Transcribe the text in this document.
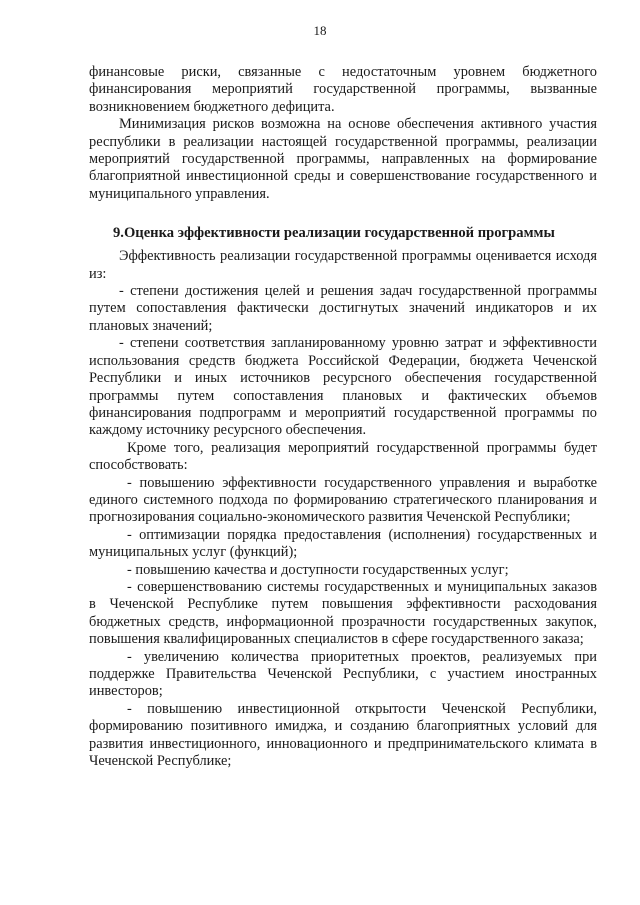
18

финансовые риски, связанные с недостаточным уровнем бюджетного финансирования мероприятий государственной программы, вызванные возникновением бюджетного дефицита.

Минимизация рисков возможна на основе обеспечения активного участия республики в реализации настоящей государственной программы, реализации мероприятий государственной программы, направленных на формирование благоприятной инвестиционной среды и совершенствование государственного и муниципального управления.

9.Оценка эффективности реализации государственной программы

Эффективность реализации государственной программы оценивается исходя из:

- степени достижения целей и решения задач государственной программы путем сопоставления фактически достигнутых значений индикаторов и их плановых значений;

- степени соответствия запланированному уровню затрат и эффективности использования средств бюджета Российской Федерации, бюджета Чеченской Республики и иных источников ресурсного обеспечения государственной программы путем сопоставления плановых и фактических объемов финансирования подпрограмм и мероприятий государственной программы по каждому источнику ресурсного обеспечения.

Кроме того, реализация мероприятий государственной программы будет способствовать:

- повышению эффективности государственного управления и выработке единого системного подхода по формированию стратегического планирования и прогнозирования социально-экономического развития Чеченской Республики;

- оптимизации порядка предоставления (исполнения) государственных и муниципальных услуг (функций);

- повышению качества и доступности государственных услуг;

- совершенствованию системы государственных и муниципальных заказов в Чеченской Республике путем повышения эффективности расходования бюджетных средств, информационной прозрачности государственных закупок, повышения квалифицированных специалистов в сфере государственного заказа;

- увеличению количества приоритетных проектов, реализуемых при поддержке Правительства Чеченской Республики, с участием иностранных инвесторов;

- повышению инвестиционной открытости Чеченской Республики, формированию позитивного имиджа, и созданию благоприятных условий для развития инвестиционного, инновационного и предпринимательского климата в Чеченской Республике;
